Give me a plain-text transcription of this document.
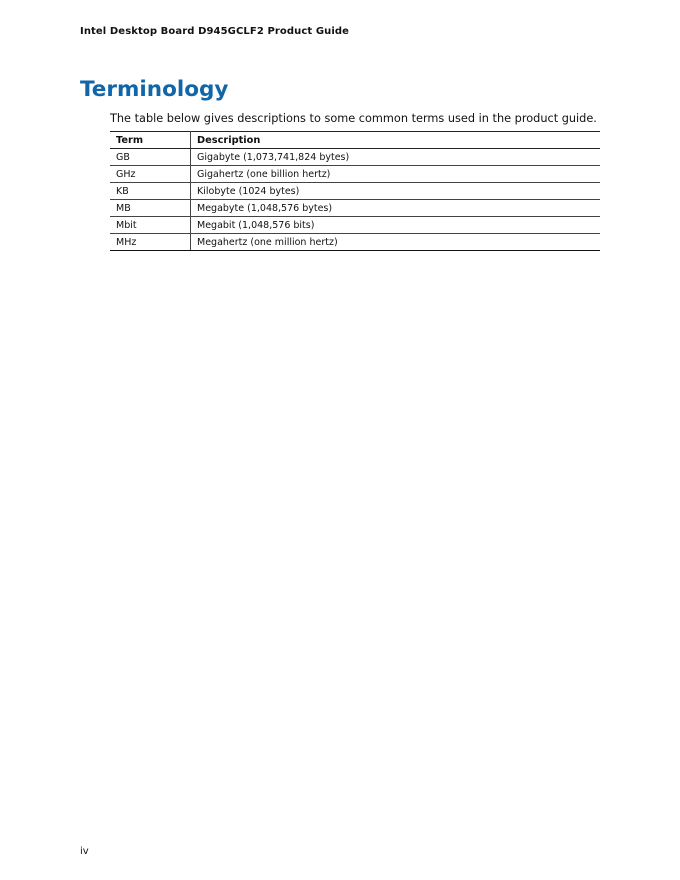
Intel Desktop Board D945GCLF2 Product Guide
Terminology

The table below gives descriptions to some common terms used in the product guide.

Term	Description
GB	Gigabyte (1,073,741,824 bytes)
GHz	Gigahertz (one billion hertz)
KB	Kilobyte (1024 bytes)
MB	Megabyte (1,048,576 bytes)
Mbit	Megabit (1,048,576 bits)
MHz	Megahertz (one million hertz)
iv
